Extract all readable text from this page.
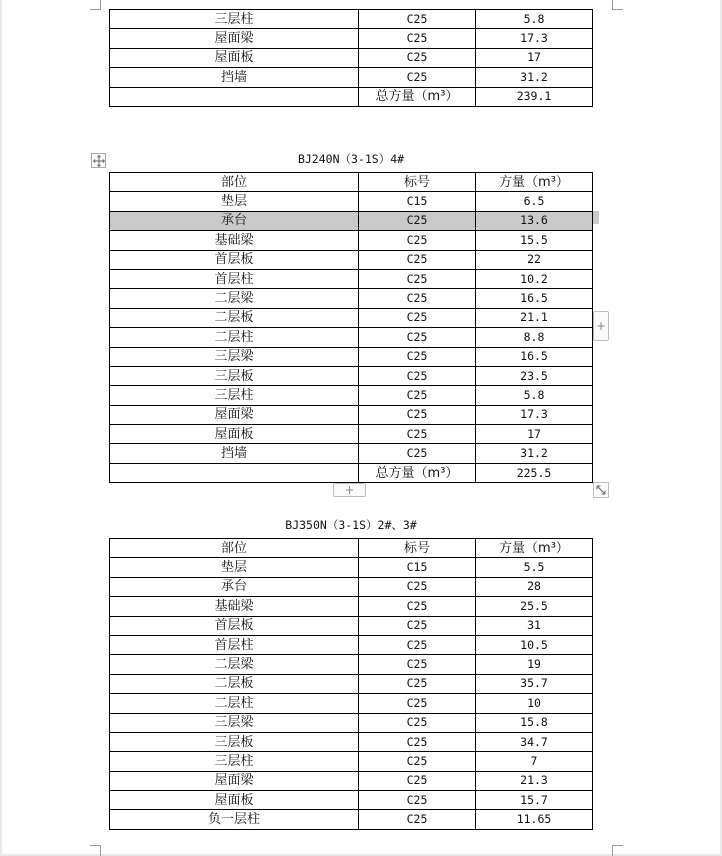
三层柱	C25	5.8
屋面梁	C25	17.3
屋面板	C25	17
挡墙	C25	31.2
	总方量（m³）	239.1
BJ240N（3-1S）4#
部位	标号	方量（m³）
垫层	C15	6.5
承台	C25	13.6
基础梁	C25	15.5
首层板	C25	22
首层柱	C25	10.2
二层梁	C25	16.5
二层板	C25	21.1
二层柱	C25	8.8
三层梁	C25	16.5
三层板	C25	23.5
三层柱	C25	5.8
屋面梁	C25	17.3
屋面板	C25	17
挡墙	C25	31.2
	总方量（m³）	225.5
+
+
BJ350N（3-1S）2#、3#
部位	标号	方量（m³）
垫层	C15	5.5
承台	C25	28
基础梁	C25	25.5
首层板	C25	31
首层柱	C25	10.5
二层梁	C25	19
二层板	C25	35.7
二层柱	C25	10
三层梁	C25	15.8
三层板	C25	34.7
三层柱	C25	7
屋面梁	C25	21.3
屋面板	C25	15.7
负一层柱	C25	11.65
